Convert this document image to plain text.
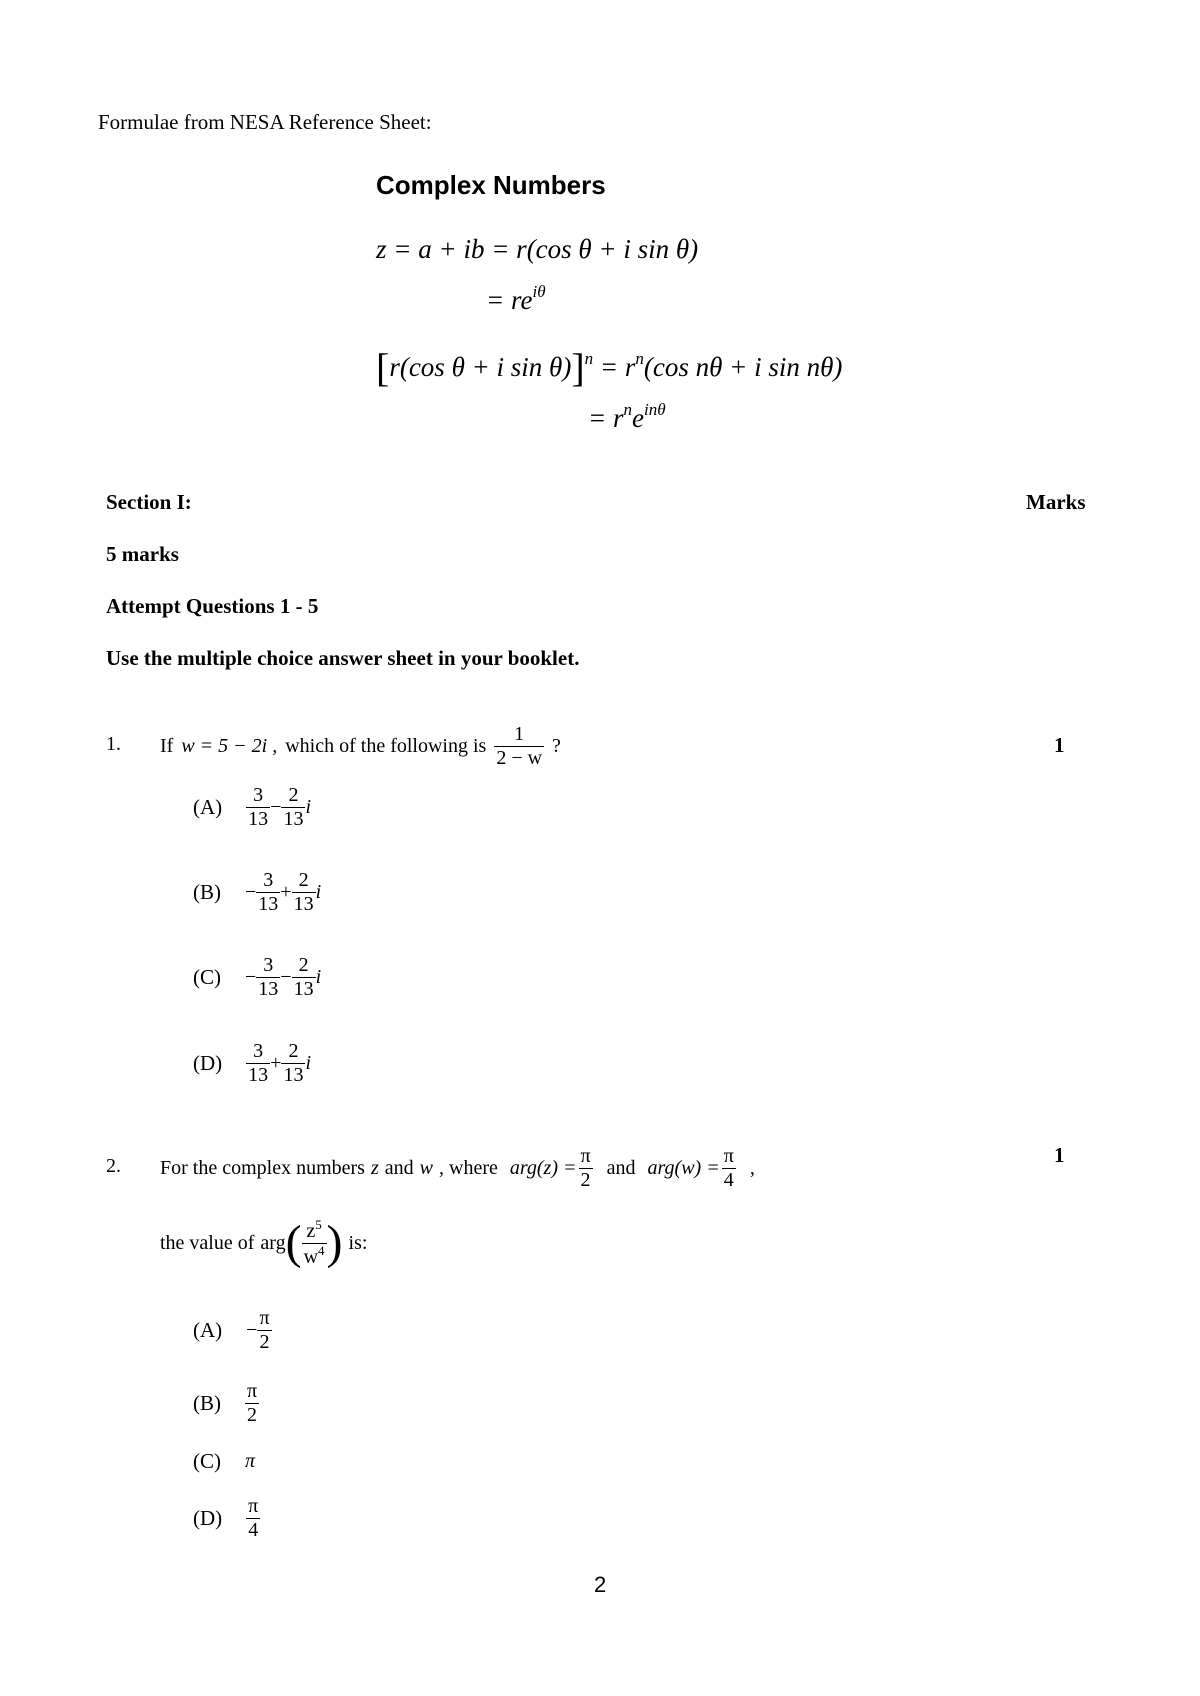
Formulae from NESA Reference Sheet:
Complex Numbers
z = a + ib = r(cos θ + i sin θ)
= $re^{i\theta}$
[r(cos θ + i $\sin \theta)]^n = r^n(\cos$ nθ + i sin nθ)
= $r^ne^{in\theta}$
Section I:	Marks
5 marks
Attempt Questions 1 - 5
Use the multiple choice answer sheet in your booklet.
1. If w = 5 − 2i , which of the following is $\frac{1}{2 - w}$ ?	1
$(A) \frac{3}{13} - \frac{2}{13}$ i
$(B) - \frac{3}{13} + \frac{2}{13}$ i
$(C) - \frac{3}{13} - \frac{2}{13}$ i
$(D) \frac{3}{13} + \frac{2}{13}$ i
2. For the complex numbers z and w , where $arg(z) = \frac{\pi}{2}$ and $arg(w) = \frac{\pi}{4}$ ,
1
the value of arg ( $\frac{z^5}{w^4}$ ) is:
$(A) - \frac{\pi}{2}$
$(B) \frac{\pi}{2}$
(C) π
$(D) \frac{\pi}{4}$
2
